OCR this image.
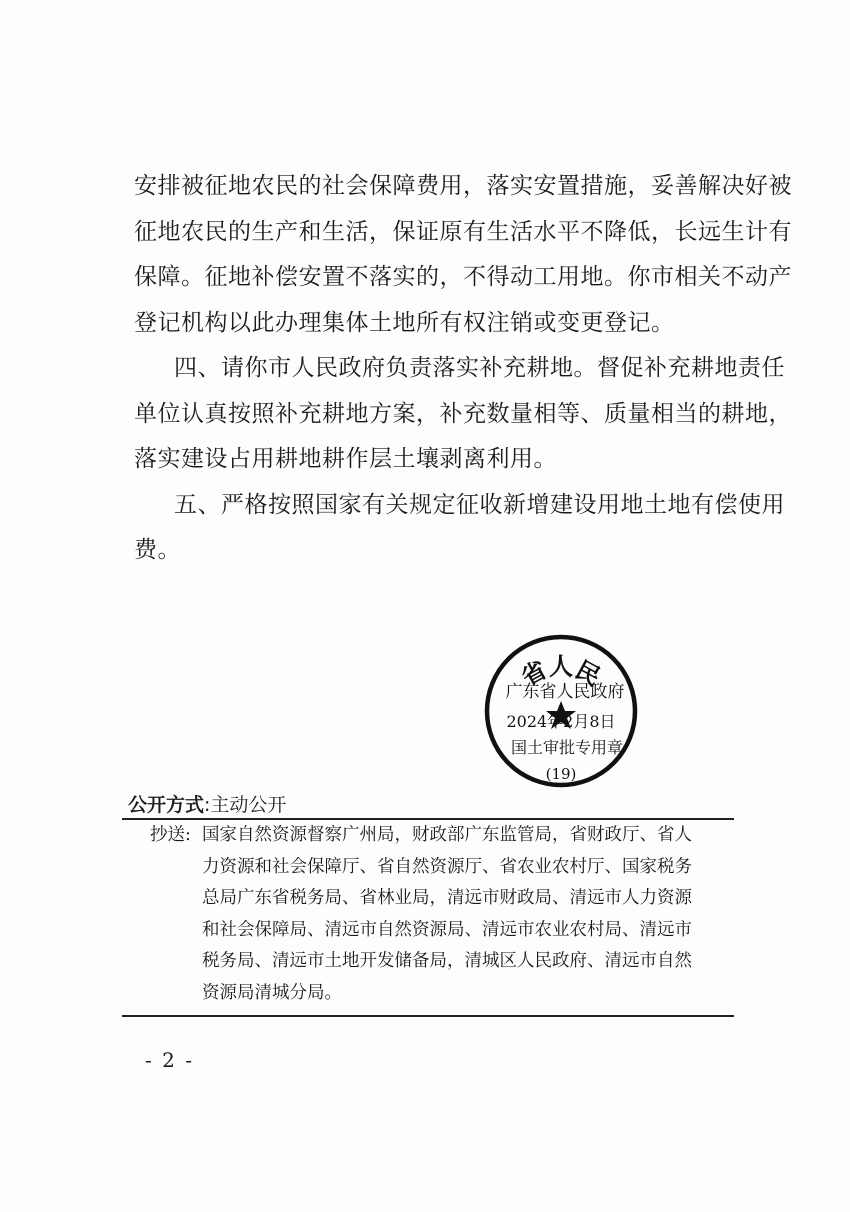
安排被征地农民的社会保障费用，落实安置措施，妥善解决好被

征地农民的生产和生活，保证原有生活水平不降低，长远生计有

保障。征地补偿安置不落实的，不得动工用地。你市相关不动产

登记机构以此办理集体土地所有权注销或变更登记。

四、请你市人民政府负责落实补充耕地。督促补充耕地责任

单位认真按照补充耕地方案，补充数量相等、质量相当的耕地，

落实建设占用耕地耕作层土壤剥离利用。

五、严格按照国家有关规定征收新增建设用地土地有偿使用

费。

省人民
广东省人民政府
2024年2月8日
国土审批专用章
(19)
公开方式:主动公开
抄送: 国家自然资源督察广州局，财政部广东监管局，省财政厅、省人

力资源和社会保障厅、省自然资源厅、省农业农村厅、国家税务

总局广东省税务局、省林业局，清远市财政局、清远市人力资源

和社会保障局、清远市自然资源局、清远市农业农村局、清远市

税务局、清远市土地开发储备局，清城区人民政府、清远市自然

资源局清城分局。

- 2 -
